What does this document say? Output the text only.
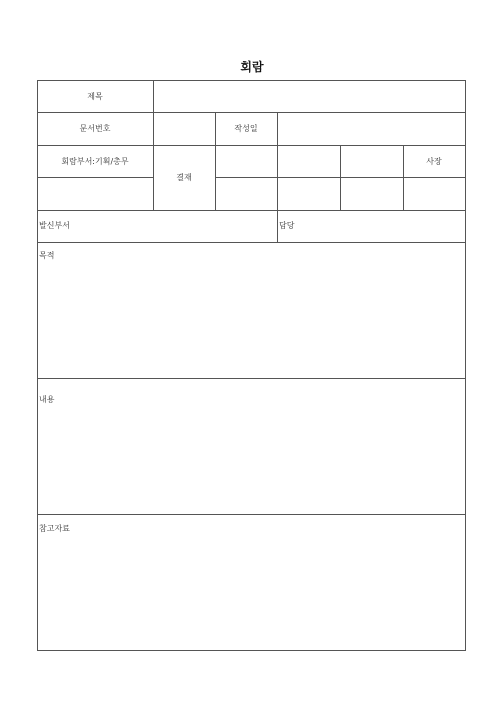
회람
제목
문서번호	작성일
회람부서:기획/총무
결재
사장
발신부서	담당
목적
내용
참고자료
